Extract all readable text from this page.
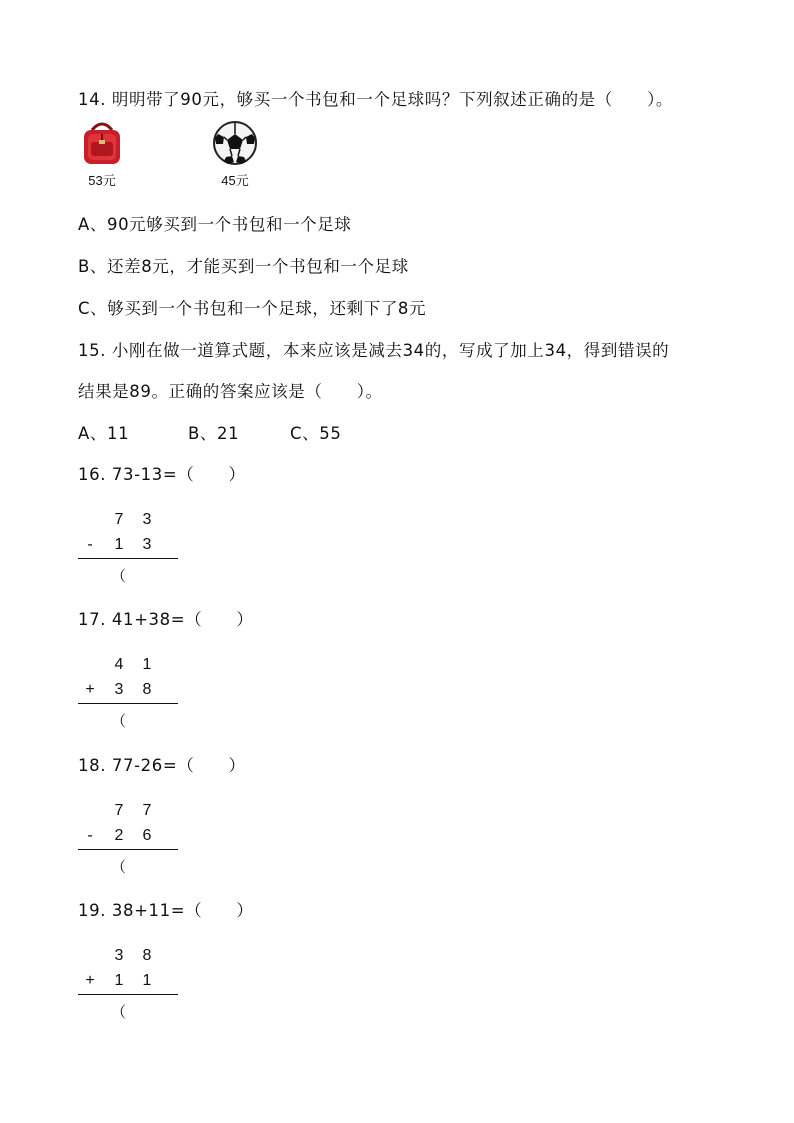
14. 明明带了90元，够买一个书包和一个足球吗？下列叙述正确的是（　　）。
53元	45元
A、90元够买到一个书包和一个足球
B、还差8元，才能买到一个书包和一个足球
C、够买到一个书包和一个足球，还剩下了8元
15. 小刚在做一道算式题，本来应该是减去34的，写成了加上34，得到错误的
结果是89。正确的答案应该是（　　）。
A、11	B、21	C、55
16. 73-13=（　　）
7 3
- 1 3
（
17. 41+38=（　　）
4 1
+ 3 8
（
18. 77-26=（　　）
7 7
- 2 6
（
19. 38+11=（　　）
3 8
+ 1 1
（
